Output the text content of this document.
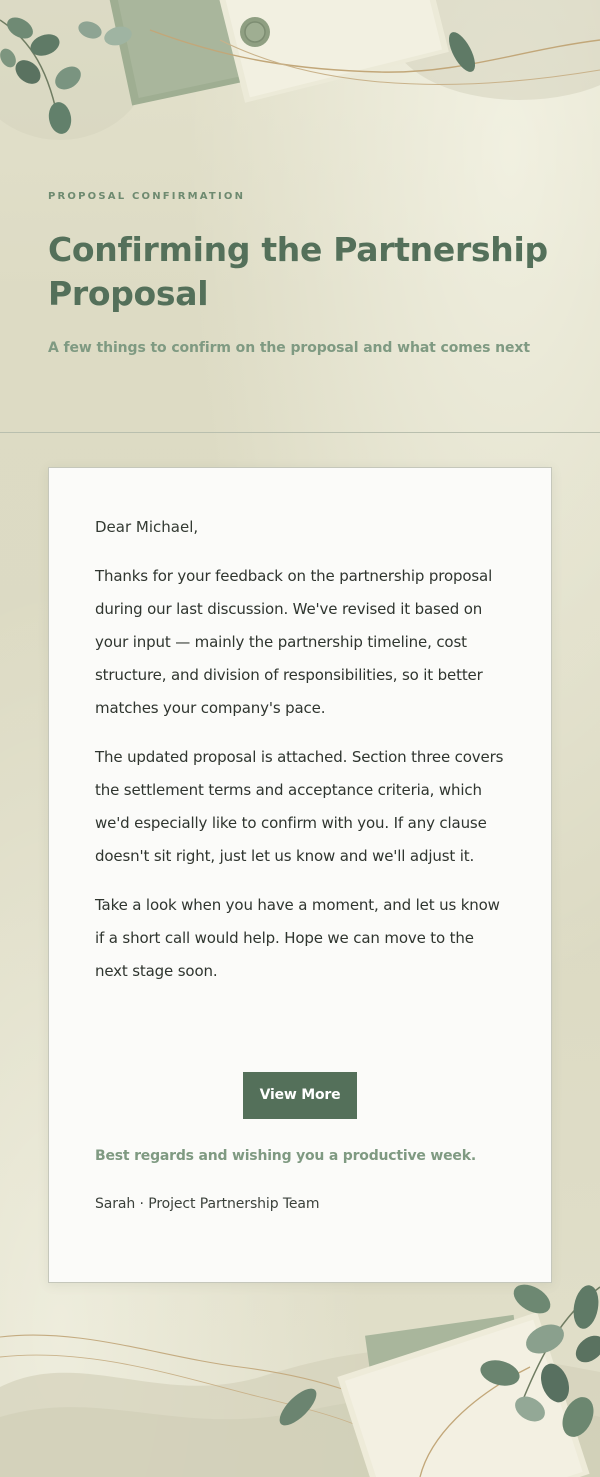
PROPOSAL CONFIRMATION
Confirming the Partnership Proposal
A few things to confirm on the proposal and what comes next

Dear Michael,

Thanks for your feedback on the partnership proposal during our last discussion. We've revised it based on your input — mainly the partnership timeline, cost structure, and division of responsibilities, so it better matches your company's pace.

The updated proposal is attached. Section three covers the settlement terms and acceptance criteria, which we'd especially like to confirm with you. If any clause doesn't sit right, just let us know and we'll adjust it.

Take a look when you have a moment, and let us know if a short call would help. Hope we can move to the next stage soon.

View More
Best regards and wishing you a productive week.
Sarah · Project Partnership Team
